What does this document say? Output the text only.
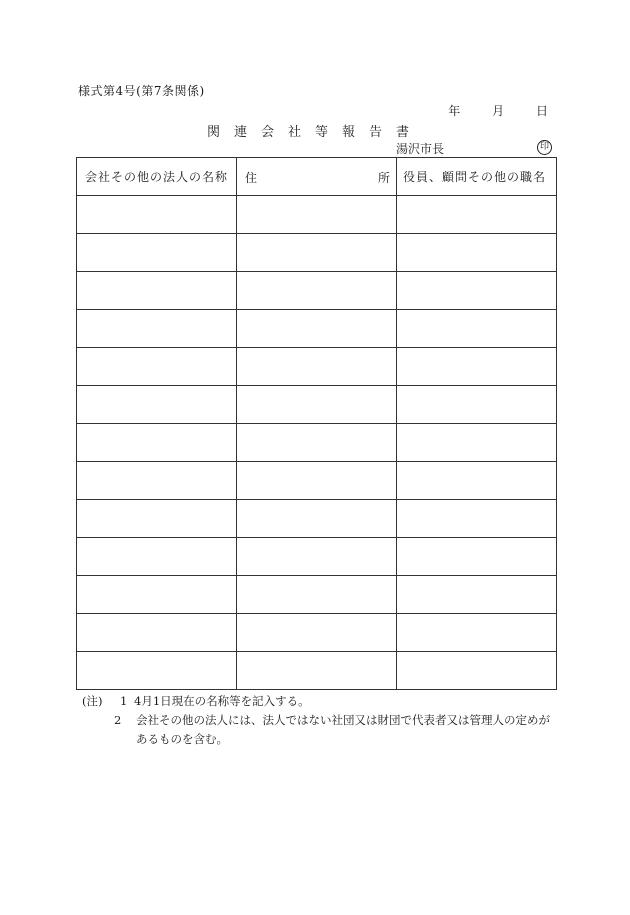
様式第4号(第7条関係)
年	月	日
関連会社等報告書
湯沢市長	印
会社その他の法人の名称	住 所	役員、顧問その他の職名

(注)	1 4月1日現在の名称等を記入する。
2	会社その他の法人には、法人ではない社団又は財団で代表者又は管理人の定めが
あるものを含む。
